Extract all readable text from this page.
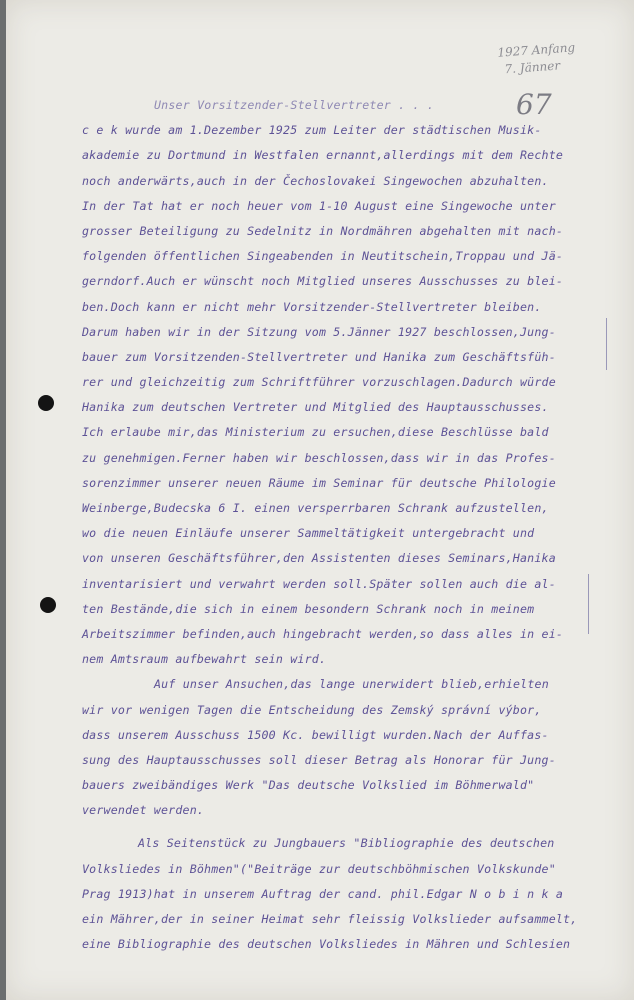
1927 Anfang
7. Jänner
67
Unser Vorsitzender-Stellvertreter . . .
c e k wurde am 1.Dezember 1925 zum Leiter der städtischen Musik-
akademie zu Dortmund in Westfalen ernannt,allerdings mit dem Rechte
noch anderwärts,auch in der Čechoslovakei Singewochen abzuhalten.
In der Tat hat er noch heuer vom 1-10 August eine Singewoche unter
grosser Beteiligung zu Sedelnitz in Nordmähren abgehalten mit nach-
folgenden öffentlichen Singeabenden in Neutitschein,Troppau und Jä-
gerndorf.Auch er wünscht noch Mitglied unseres Ausschusses zu blei-
ben.Doch kann er nicht mehr Vorsitzender-Stellvertreter bleiben.
Darum haben wir in der Sitzung vom 5.Jänner 1927 beschlossen,Jung-
bauer zum Vorsitzenden-Stellvertreter und Hanika zum Geschäftsfüh-
rer und gleichzeitig zum Schriftführer vorzuschlagen.Dadurch würde
Hanika zum deutschen Vertreter und Mitglied des Hauptausschusses.
Ich erlaube mir,das Ministerium zu ersuchen,diese Beschlüsse bald
zu genehmigen.Ferner haben wir beschlossen,dass wir in das Profes-
sorenzimmer unserer neuen Räume im Seminar für deutsche Philologie
Weinberge,Budecska 6 I. einen versperrbaren Schrank aufzustellen,
wo die neuen Einläufe unserer Sammeltätigkeit untergebracht und
von unseren Geschäftsführer,den Assistenten dieses Seminars,Hanika
inventarisiert und verwahrt werden soll.Später sollen auch die al-
ten Bestände,die sich in einem besondern Schrank noch in meinem
Arbeitszimmer befinden,auch hingebracht werden,so dass alles in ei-
nem Amtsraum aufbewahrt sein wird.
Auf unser Ansuchen,das lange unerwidert blieb,erhielten
wir vor wenigen Tagen die Entscheidung des Zemský správní výbor,
dass unserem Ausschuss 1500 Kc. bewilligt wurden.Nach der Auffas-
sung des Hauptausschusses soll dieser Betrag als Honorar für Jung-
bauers zweibändiges Werk "Das deutsche Volkslied im Böhmerwald"
verwendet werden.
Als Seitenstück zu Jungbauers "Bibliographie des deutschen
Volksliedes in Böhmen"("Beiträge zur deutschböhmischen Volkskunde"
Prag 1913)hat in unserem Auftrag der cand. phil.Edgar N o b i n k a
ein Mährer,der in seiner Heimat sehr fleissig Volkslieder aufsammelt,
eine Bibliographie des deutschen Volksliedes in Mähren und Schlesien
